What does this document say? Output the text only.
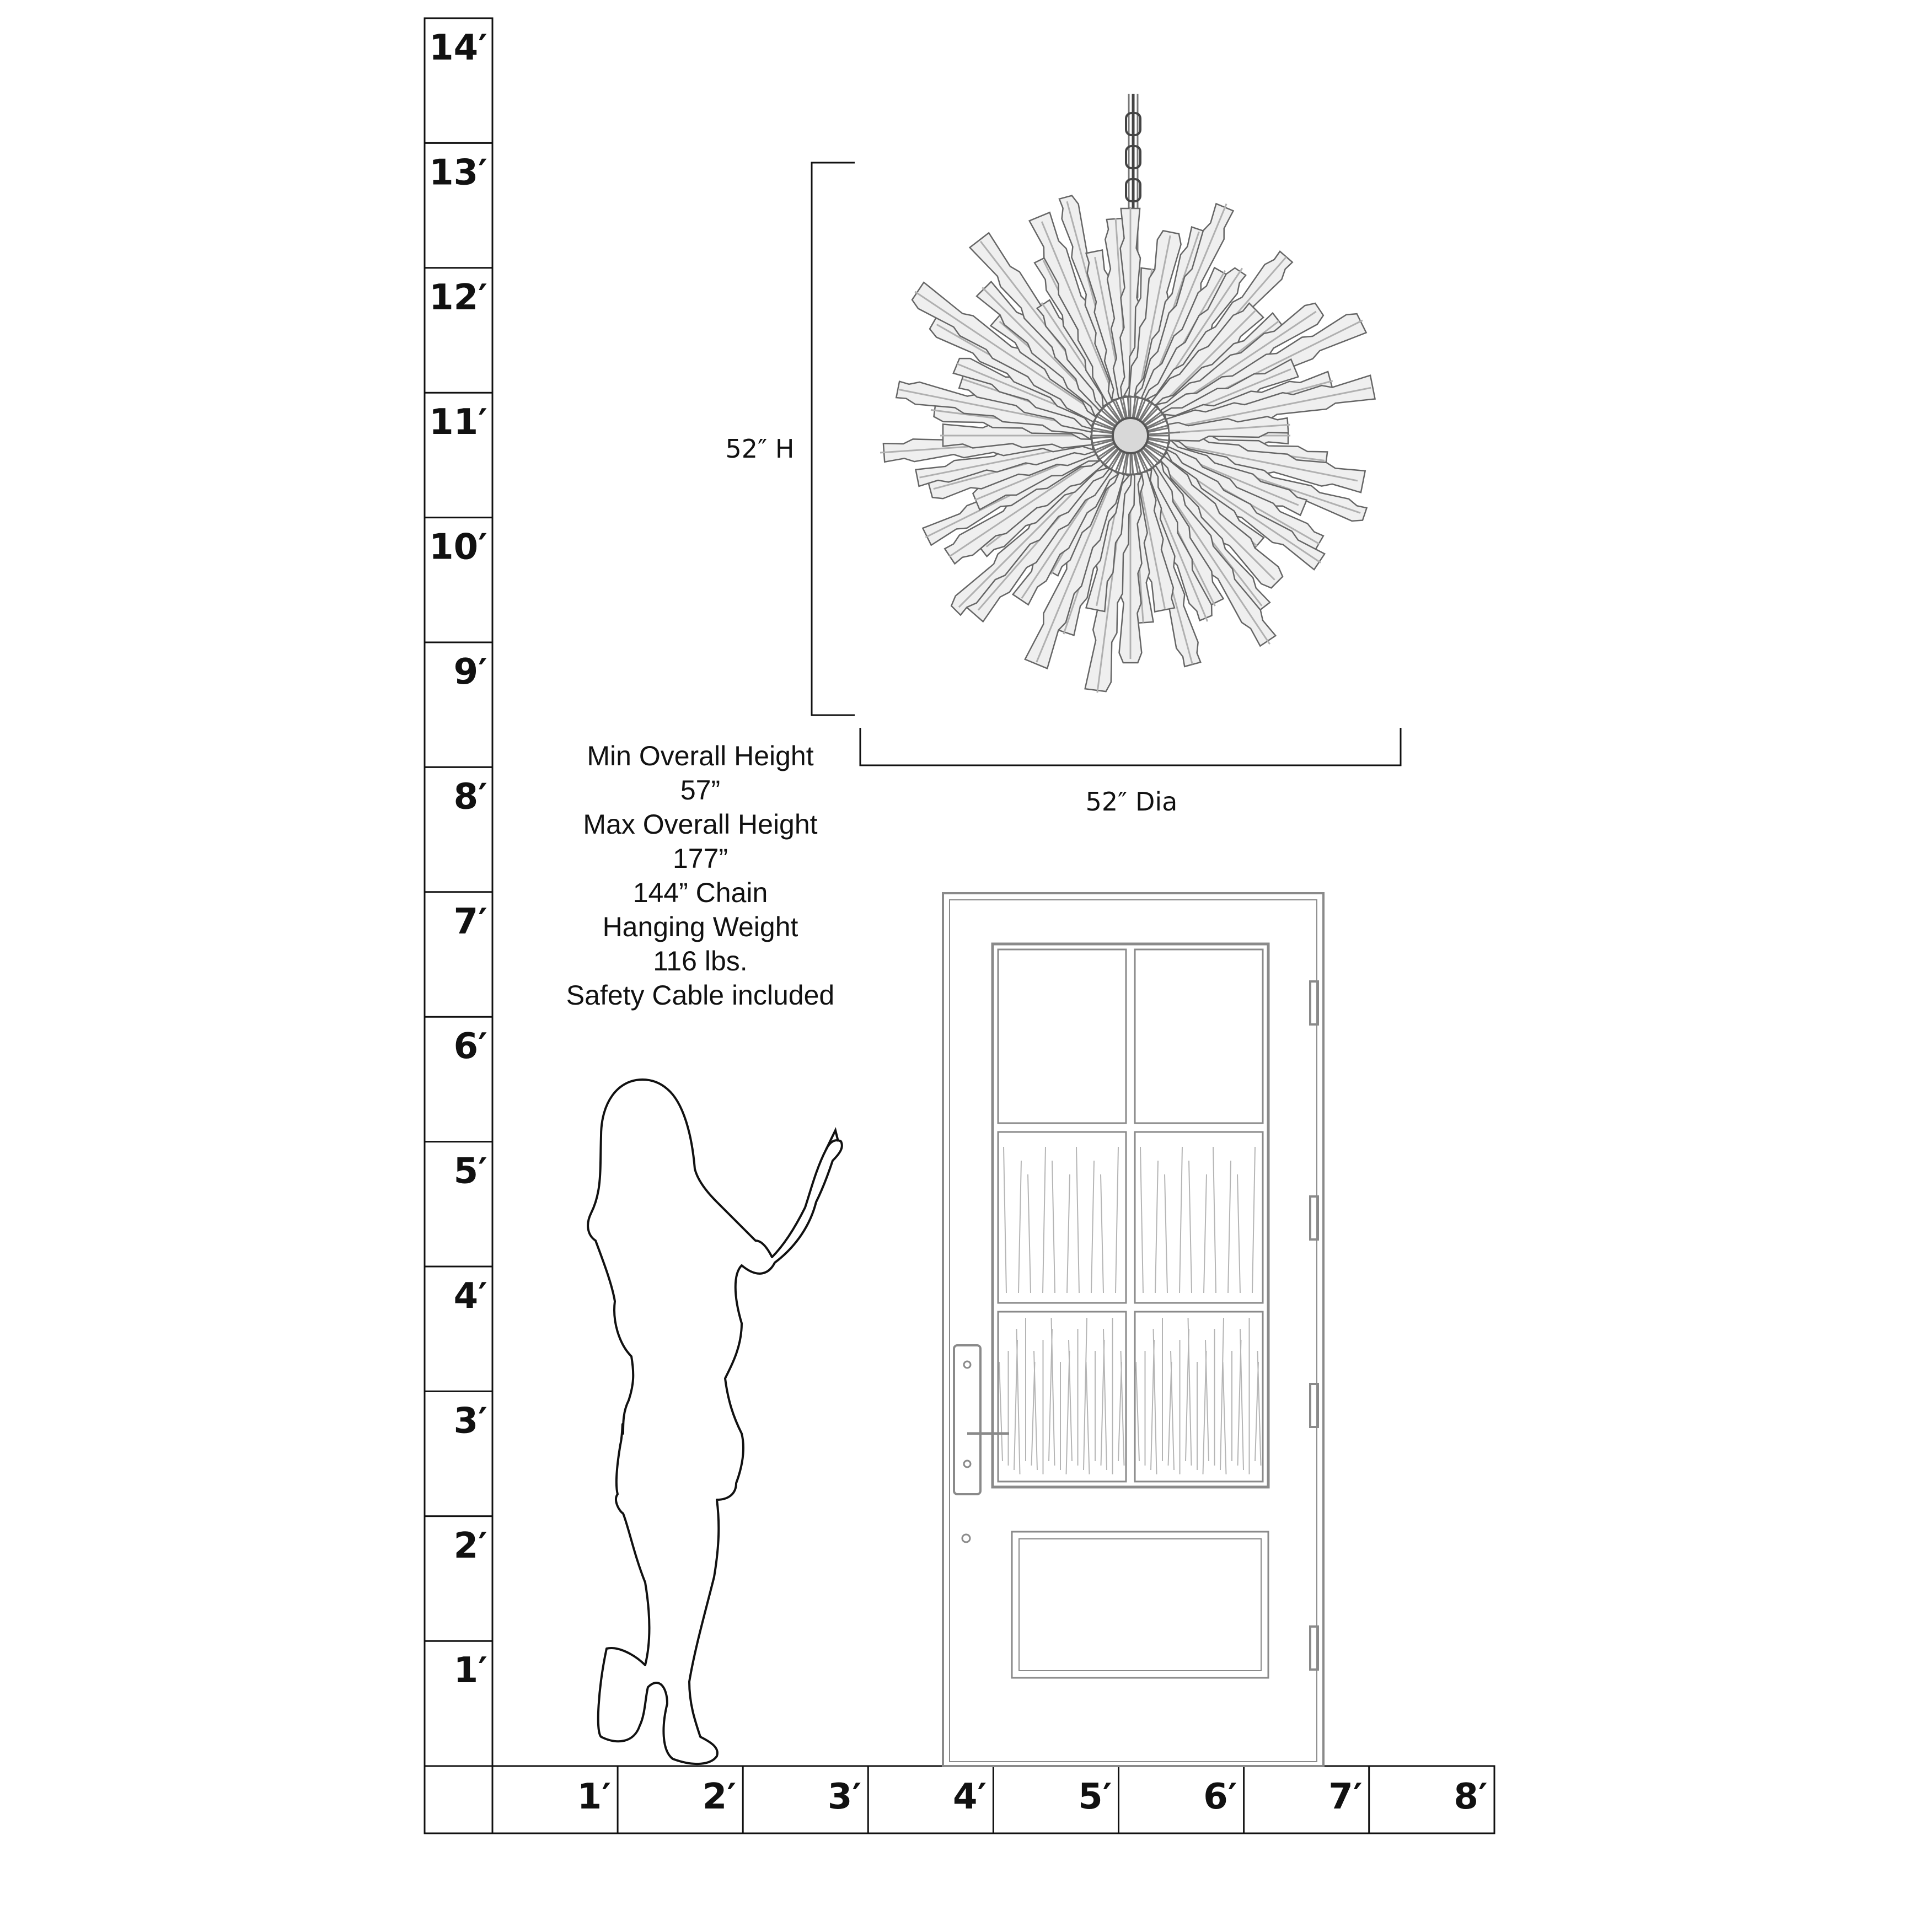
14′
13′
12′
11′
10′
9′
8′
7′
6′
5′
4′
3′
2′
1′
1′	2′	3′	4′	5′	6′	7′	8′
52″ H
52″ Dia
Min Overall Height
57”
Max Overall Height
177”
144” Chain
Hanging Weight
116 lbs.
Safety Cable included
